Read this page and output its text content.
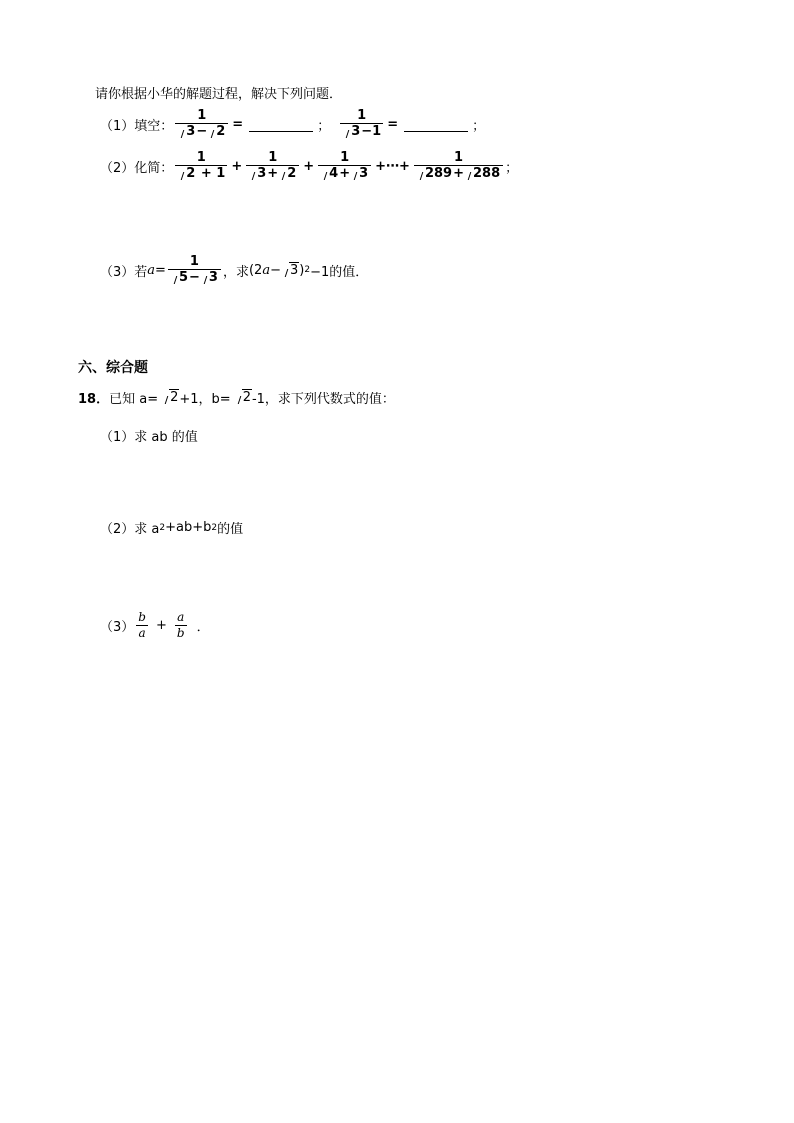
请你根据小华的解题过程，解决下列问题．
（1）填空： $\frac{1}{3- 2}$ =	； $\frac{1}{3-1}$ =	；
（2）化简： $\frac{1}{2 + 1} + \frac{1}{3+ 2} + \frac{1}{4+ 3}$ +⋯+ $\frac{1}{289+ 288}$ ；
（3）若 $a = \frac{1}{5- 3}$ ，求 (2 a − 3 ) 2 −1的值．
六、综合题
18． 已知 a= 2 +1，b= 2 -1，求下列代数式的值：
（1）求 ab 的值
（2）求 a 2 +ab+b 2 的值
$(3) \frac{b}{a} + \frac{a}{b}$ ．
